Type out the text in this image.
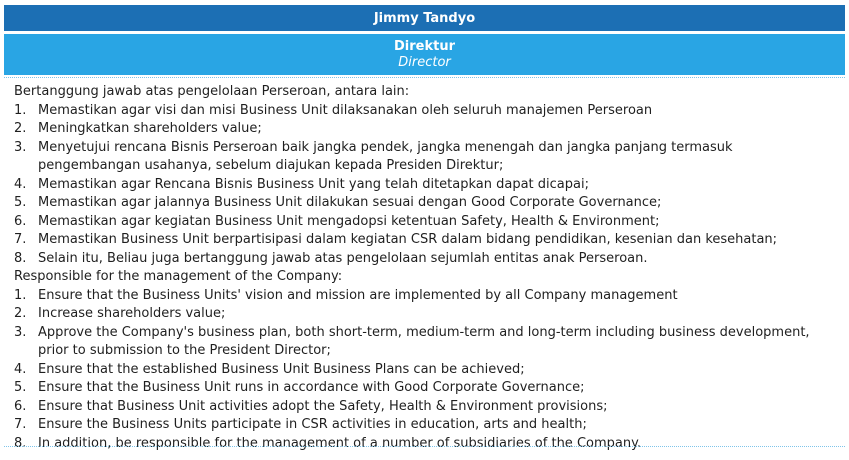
Jimmy Tandyo
Direktur
Director
Bertanggung jawab atas pengelolaan Perseroan, antara lain:
1. Memastikan agar visi dan misi Business Unit dilaksanakan oleh seluruh manajemen Perseroan
2. Meningkatkan shareholders value;
3. Menyetujui rencana Bisnis Perseroan baik jangka pendek, jangka menengah dan jangka panjang termasuk pengembangan usahanya, sebelum diajukan kepada Presiden Direktur;
4. Memastikan agar Rencana Bisnis Business Unit yang telah ditetapkan dapat dicapai;
5. Memastikan agar jalannya Business Unit dilakukan sesuai dengan Good Corporate Governance;
6. Memastikan agar kegiatan Business Unit mengadopsi ketentuan Safety, Health & Environment;
7. Memastikan Business Unit berpartisipasi dalam kegiatan CSR dalam bidang pendidikan, kesenian dan kesehatan;
8. Selain itu, Beliau juga bertanggung jawab atas pengelolaan sejumlah entitas anak Perseroan.
Responsible for the management of the Company:
1. Ensure that the Business Units' vision and mission are implemented by all Company management
2. Increase shareholders value;
3. Approve the Company's business plan, both short-term, medium-term and long-term including business development, prior to submission to the President Director;
4. Ensure that the established Business Unit Business Plans can be achieved;
5. Ensure that the Business Unit runs in accordance with Good Corporate Governance;
6. Ensure that Business Unit activities adopt the Safety, Health & Environment provisions;
7. Ensure the Business Units participate in CSR activities in education, arts and health;
8. In addition, be responsible for the management of a number of subsidiaries of the Company.
